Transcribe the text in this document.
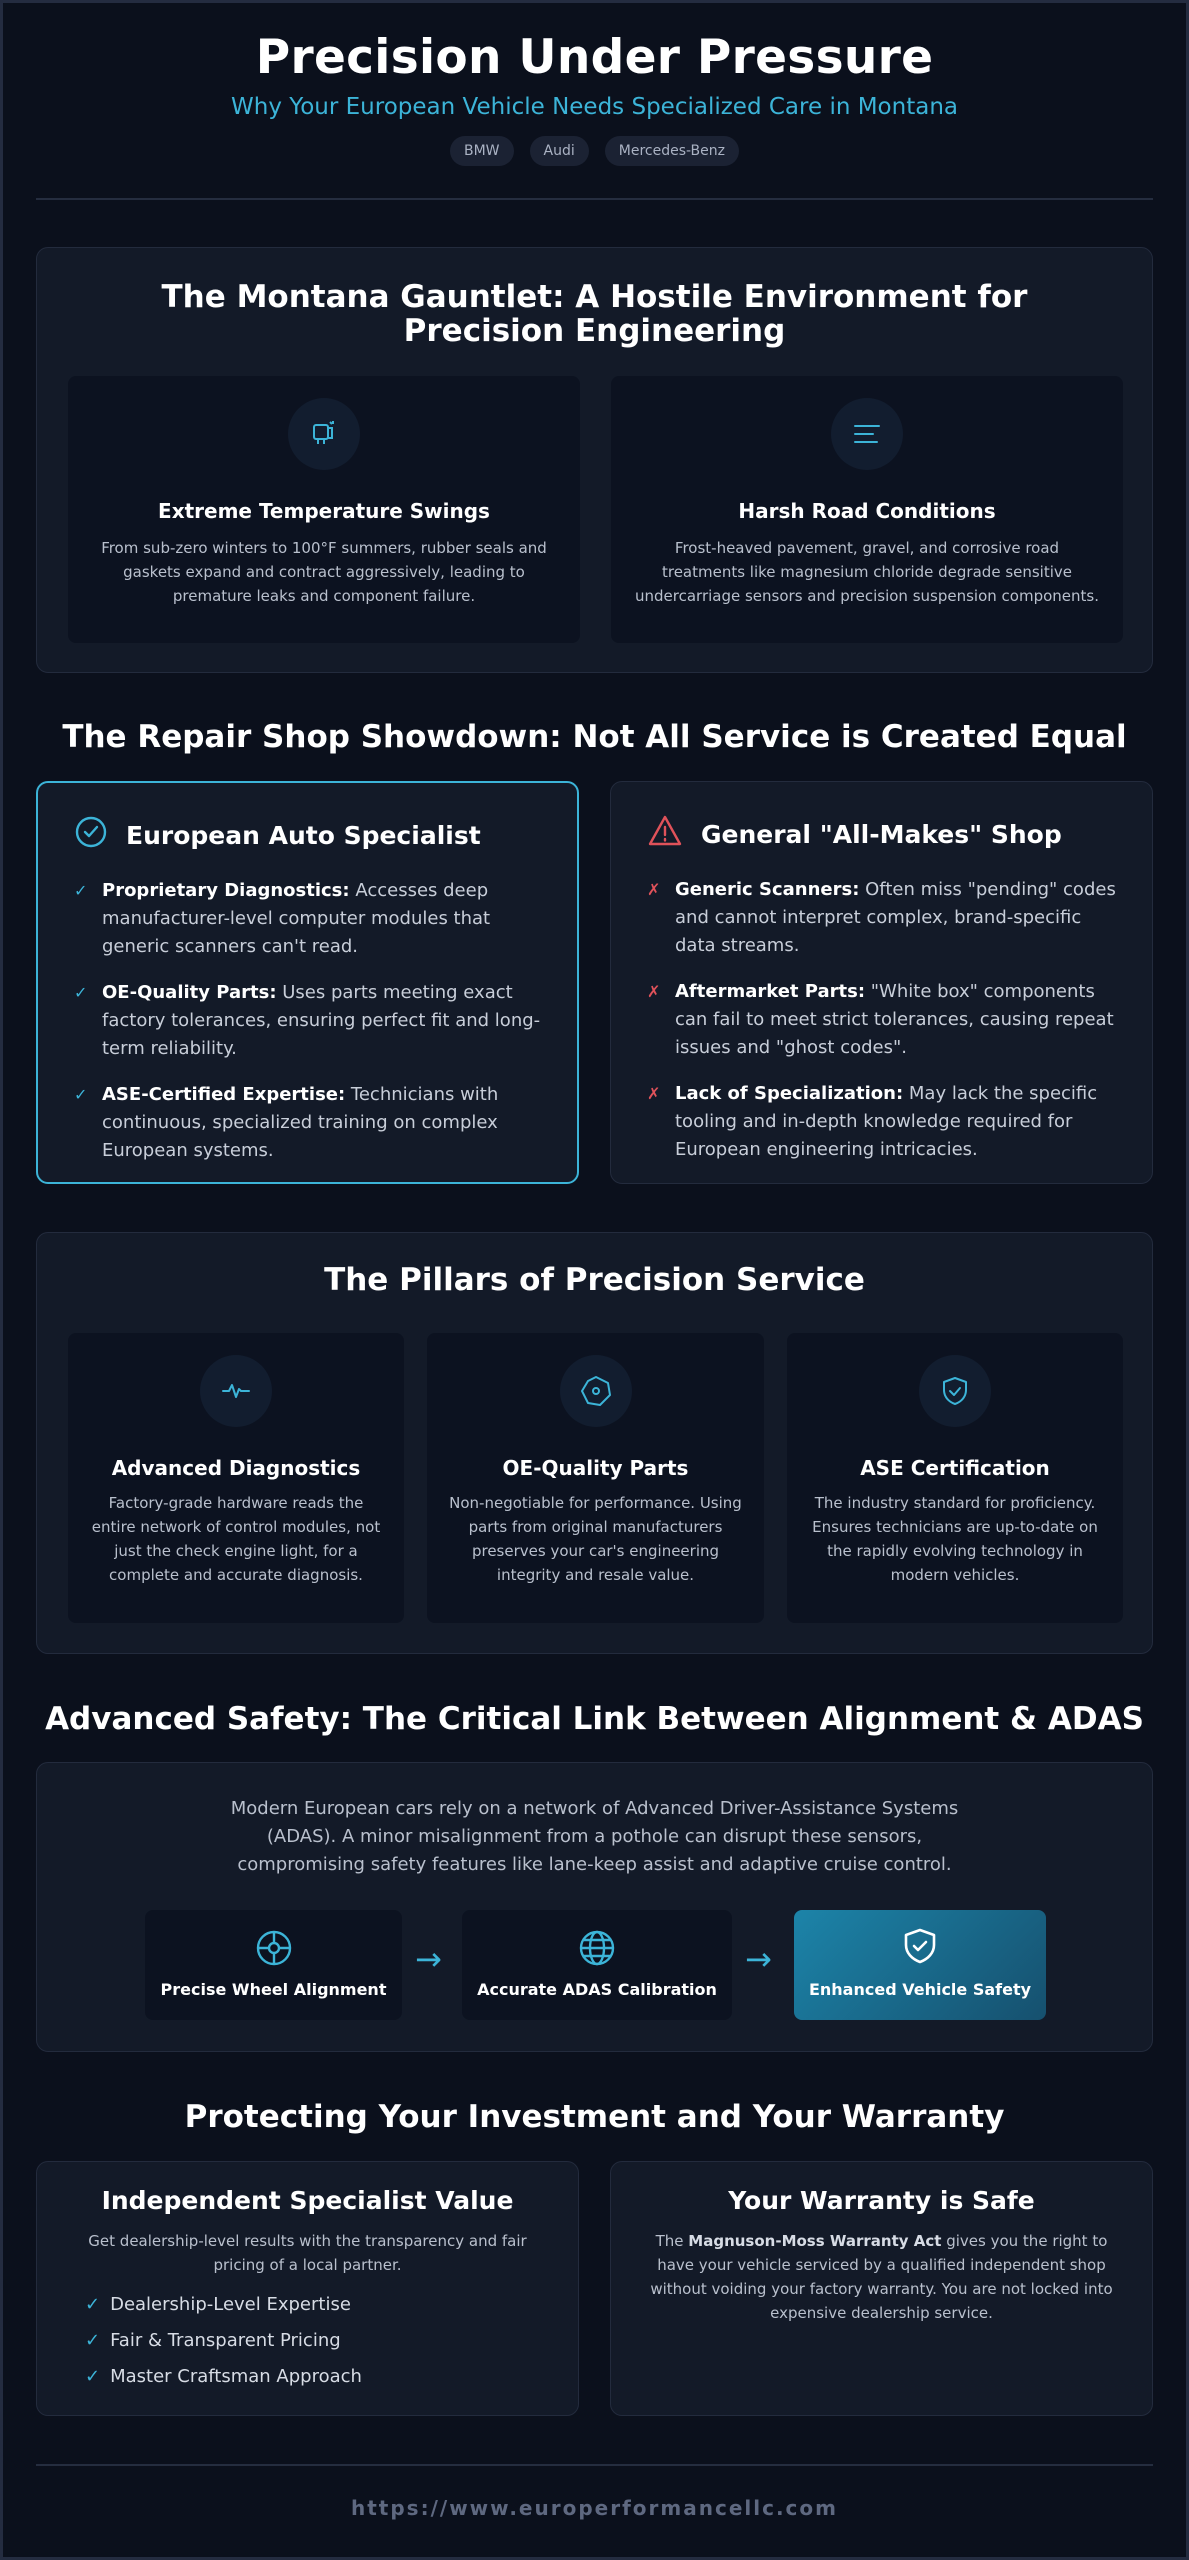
Precision Under Pressure
Why Your European Vehicle Needs Specialized Care in Montana
BMW	Audi	Mercedes-Benz
The Montana Gauntlet: A Hostile Environment for Precision Engineering
Extreme Temperature Swings
From sub-zero winters to 100°F summers, rubber seals and gaskets expand and contract aggressively, leading to premature leaks and component failure.
Harsh Road Conditions
Frost-heaved pavement, gravel, and corrosive road treatments like magnesium chloride degrade sensitive undercarriage sensors and precision suspension components.
The Repair Shop Showdown: Not All Service is Created Equal
European Auto Specialist
✓ Proprietary Diagnostics: Accesses deep manufacturer-level computer modules that generic scanners can't read.
✓ OE-Quality Parts: Uses parts meeting exact factory tolerances, ensuring perfect fit and long-term reliability.
✓ ASE-Certified Expertise: Technicians with continuous, specialized training on complex European systems.
General "All-Makes" Shop
✗ Generic Scanners: Often miss "pending" codes and cannot interpret complex, brand-specific data streams.
✗ Aftermarket Parts: "White box" components can fail to meet strict tolerances, causing repeat issues and "ghost codes".
✗ Lack of Specialization: May lack the specific tooling and in-depth knowledge required for European engineering intricacies.
The Pillars of Precision Service
Advanced Diagnostics
Factory-grade hardware reads the entire network of control modules, not just the check engine light, for a complete and accurate diagnosis.
OE-Quality Parts
Non-negotiable for performance. Using parts from original manufacturers preserves your car's engineering integrity and resale value.
ASE Certification
The industry standard for proficiency. Ensures technicians are up-to-date on the rapidly evolving technology in modern vehicles.
Advanced Safety: The Critical Link Between Alignment & ADAS
Modern European cars rely on a network of Advanced Driver-Assistance Systems (ADAS). A minor misalignment from a pothole can disrupt these sensors, compromising safety features like lane-keep assist and adaptive cruise control.
Precise Wheel Alignment
→
Accurate ADAS Calibration
→
Enhanced Vehicle Safety
Protecting Your Investment and Your Warranty
Independent Specialist Value
Get dealership-level results with the transparency and fair pricing of a local partner.
✓ Dealership-Level Expertise
✓ Fair & Transparent Pricing
✓ Master Craftsman Approach
Your Warranty is Safe
The Magnuson-Moss Warranty Act gives you the right to have your vehicle serviced by a qualified independent shop without voiding your factory warranty. You are not locked into expensive dealership service.
https://www.europerformancellc.com
